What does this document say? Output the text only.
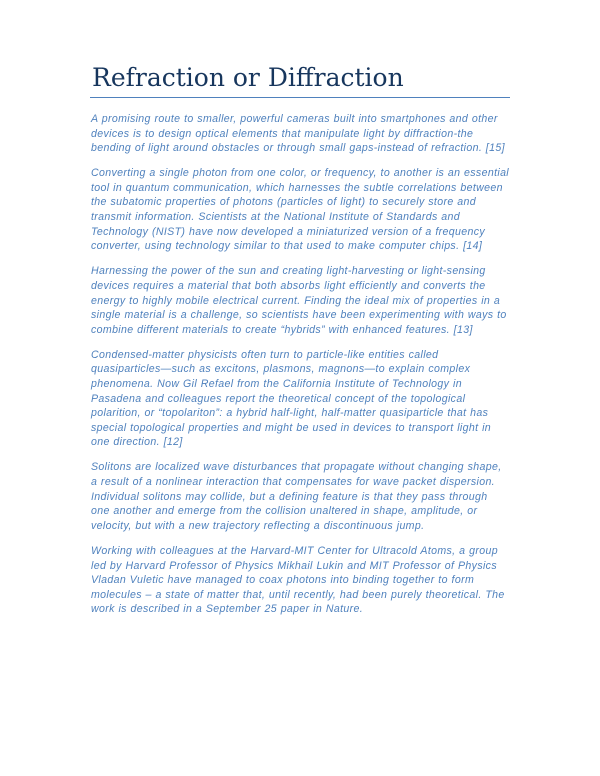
Refraction or Diffraction

A promising route to smaller, powerful cameras built into smartphones and other devices is to design optical elements that manipulate light by diffraction-the bending of light around obstacles or through small gaps-instead of refraction. [15]

Converting a single photon from one color, or frequency, to another is an essential tool in quantum communication, which harnesses the subtle correlations between the subatomic properties of photons (particles of light) to securely store and transmit information. Scientists at the National Institute of Standards and Technology (NIST) have now developed a miniaturized version of a frequency converter, using technology similar to that used to make computer chips. [14]

Harnessing the power of the sun and creating light-harvesting or light-sensing devices requires a material that both absorbs light efficiently and converts the energy to highly mobile electrical current. Finding the ideal mix of properties in a single material is a challenge, so scientists have been experimenting with ways to combine different materials to create “hybrids” with enhanced features. [13]

Condensed-matter physicists often turn to particle-like entities called quasiparticles—such as excitons, plasmons, magnons—to explain complex phenomena. Now Gil Refael from the California Institute of Technology in Pasadena and colleagues report the theoretical concept of the topological polarition, or “topolariton”: a hybrid half-light, half-matter quasiparticle that has special topological properties and might be used in devices to transport light in one direction. [12]

Solitons are localized wave disturbances that propagate without changing shape, a result of a nonlinear interaction that compensates for wave packet dispersion. Individual solitons may collide, but a defining feature is that they pass through one another and emerge from the collision unaltered in shape, amplitude, or velocity, but with a new trajectory reflecting a discontinuous jump.

Working with colleagues at the Harvard-MIT Center for Ultracold Atoms, a group led by Harvard Professor of Physics Mikhail Lukin and MIT Professor of Physics Vladan Vuletic have managed to coax photons into binding together to form molecules – a state of matter that, until recently, had been purely theoretical. The work is described in a September 25 paper in Nature.
